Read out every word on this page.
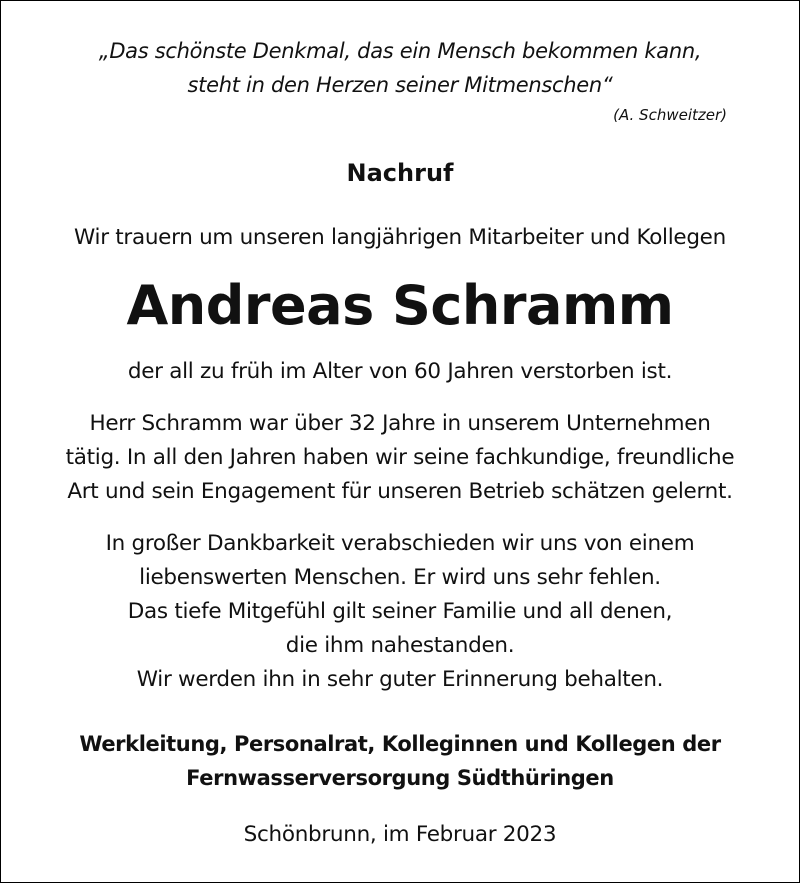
„Das schönste Denkmal, das ein Mensch bekommen kann,
steht in den Herzen seiner Mitmenschen“
(A. Schweitzer)
Nachruf
Wir trauern um unseren langjährigen Mitarbeiter und Kollegen
Andreas Schramm
der all zu früh im Alter von 60 Jahren verstorben ist.
Herr Schramm war über 32 Jahre in unserem Unternehmen
tätig. In all den Jahren haben wir seine fachkundige, freundliche
Art und sein Engagement für unseren Betrieb schätzen gelernt.
In großer Dankbarkeit verabschieden wir uns von einem
liebenswerten Menschen. Er wird uns sehr fehlen.
Das tiefe Mitgefühl gilt seiner Familie und all denen,
die ihm nahestanden.
Wir werden ihn in sehr guter Erinnerung behalten.
Werkleitung, Personalrat, Kolleginnen und Kollegen der
Fernwasserversorgung Südthüringen
Schönbrunn, im Februar 2023
